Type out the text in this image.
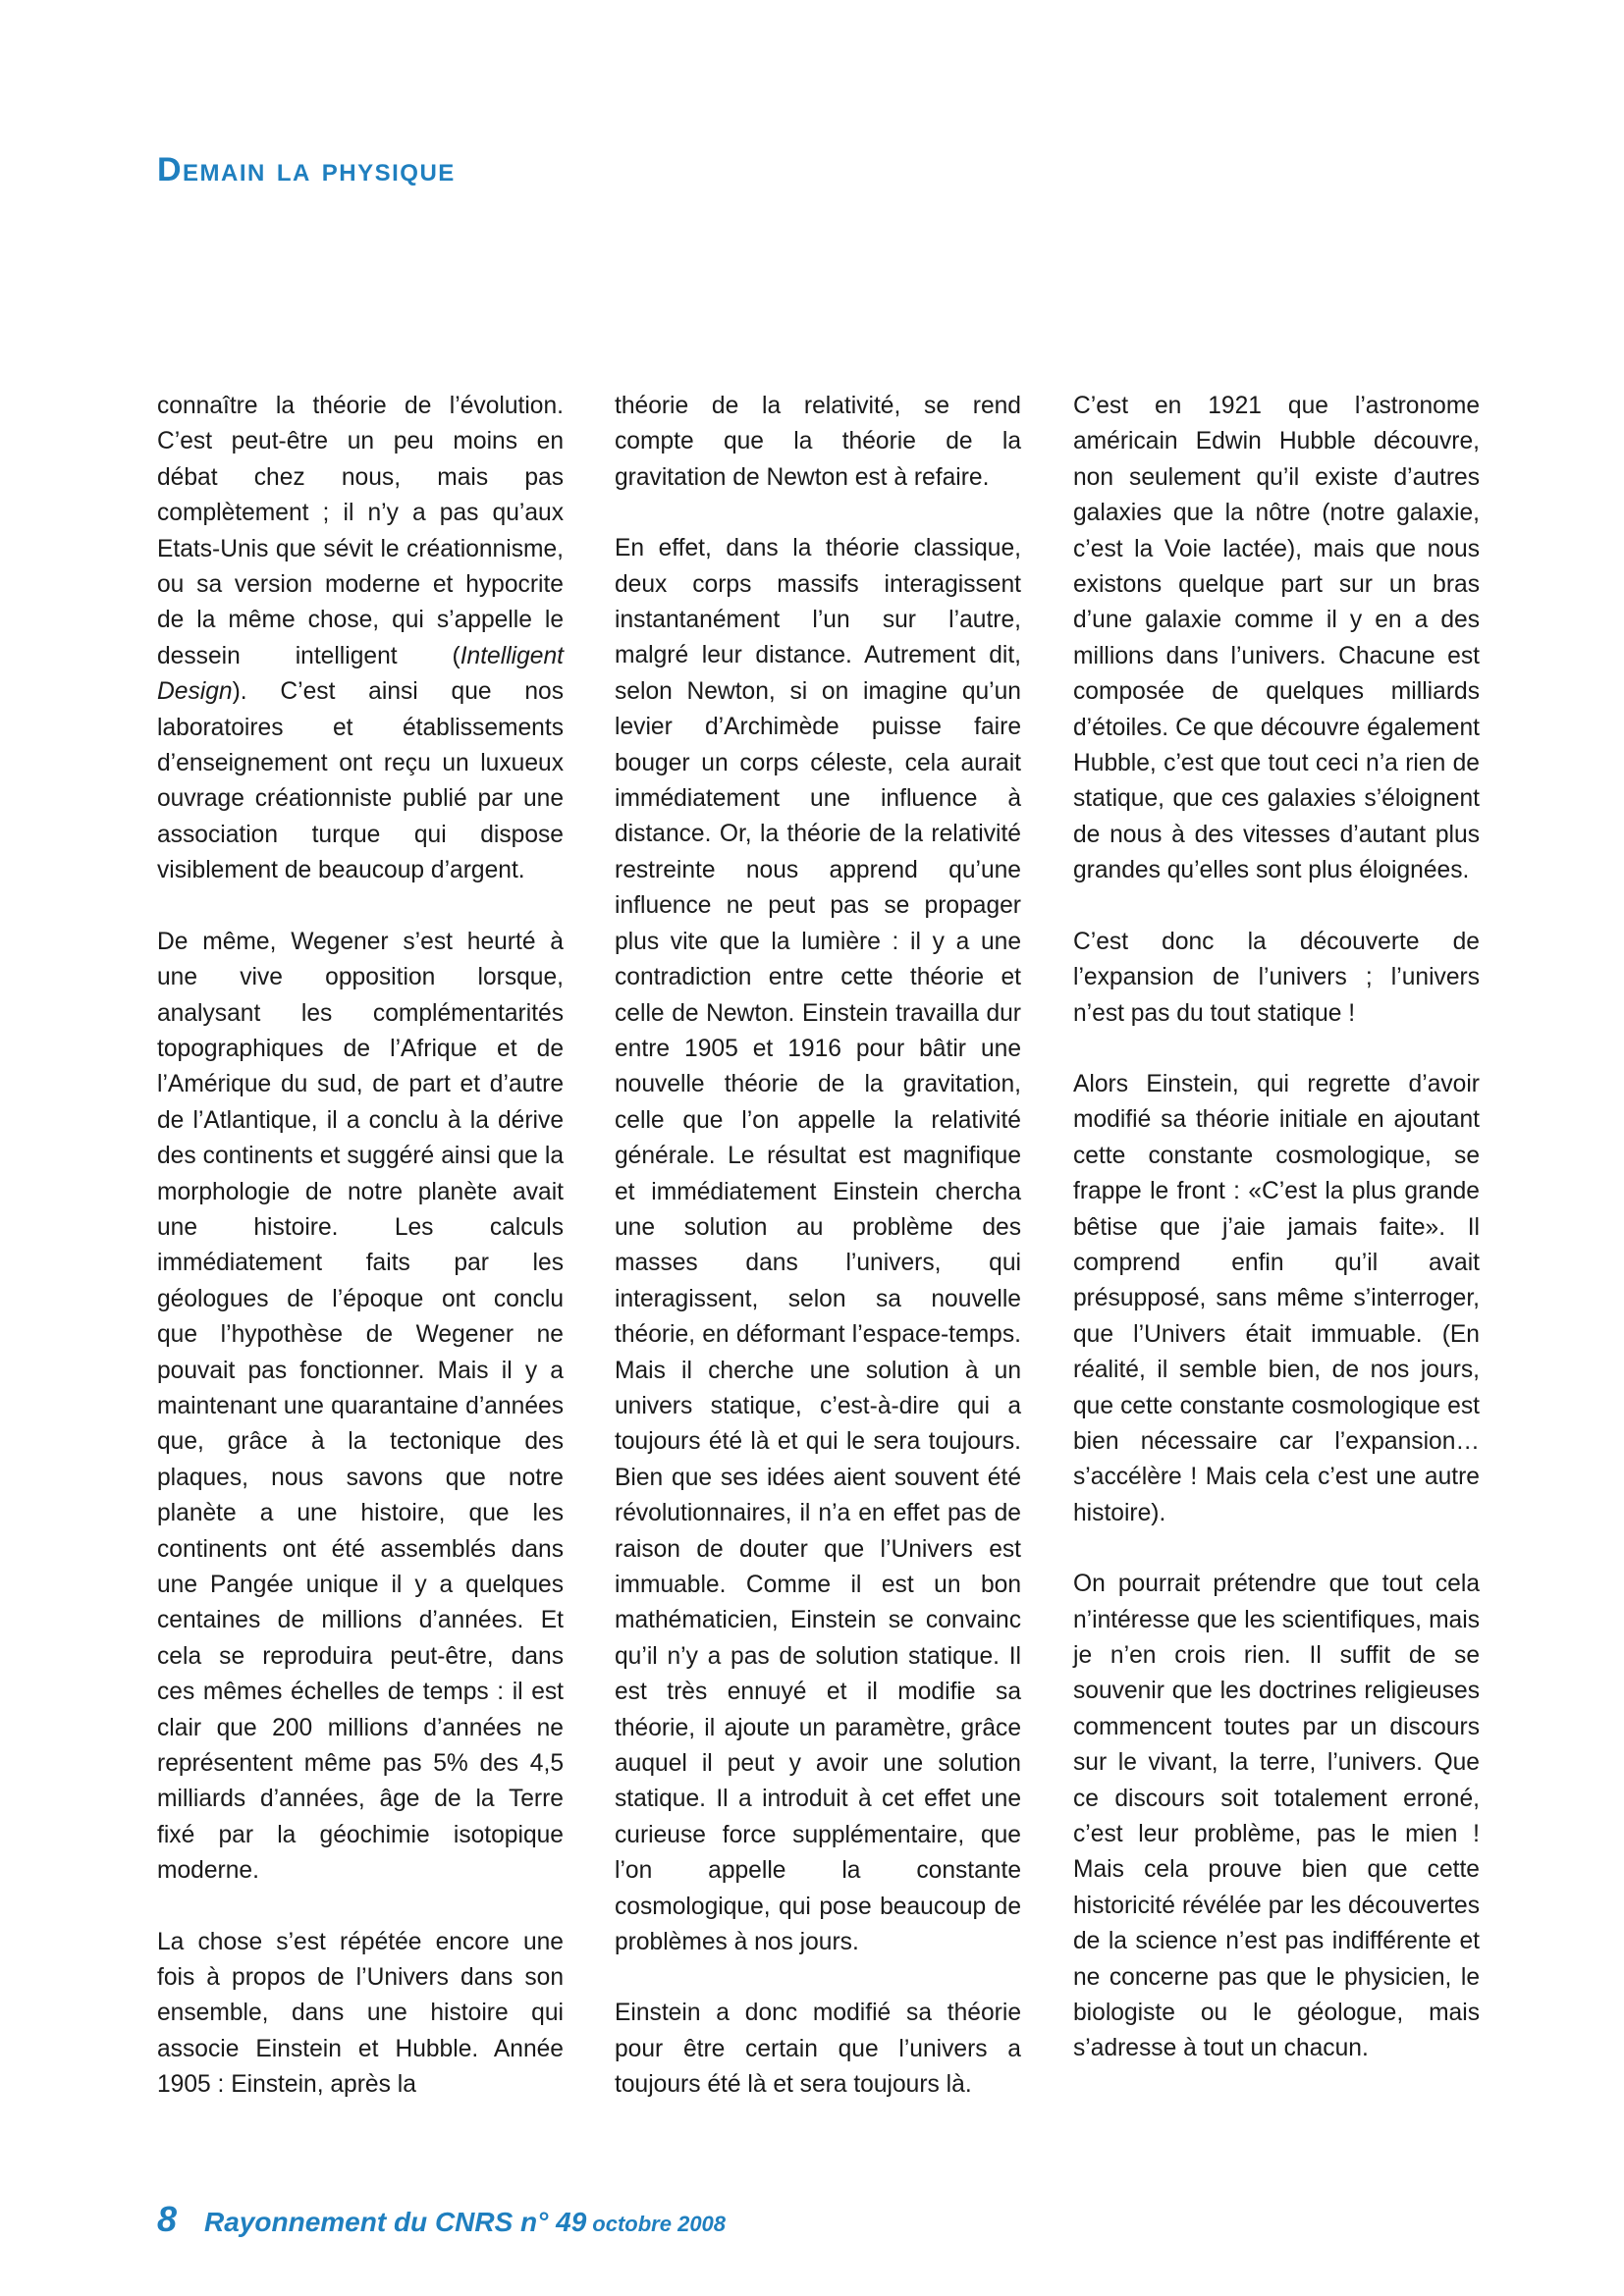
Demain la physique

connaître la théorie de l’évolution. C’est peut-être un peu moins en débat chez nous, mais pas complètement ; il n’y a pas qu’aux Etats-Unis que sévit le créationnisme, ou sa version moderne et hypocrite de la même chose, qui s’appelle le dessein intelligent (Intelligent Design). C’est ainsi que nos laboratoires et établissements d’enseignement ont reçu un luxueux ouvrage créationniste publié par une association turque qui dispose visiblement de beaucoup d’argent.

De même, Wegener s’est heurté à une vive opposition lorsque, analysant les complémentarités topographiques de l’Afrique et de l’Amérique du sud, de part et d’autre de l’Atlantique, il a conclu à la dérive des continents et suggéré ainsi que la morphologie de notre planète avait une histoire. Les calculs immédiatement faits par les géologues de l’époque ont conclu que l’hypothèse de Wegener ne pouvait pas fonctionner. Mais il y a maintenant une quarantaine d’années que, grâce à la tectonique des plaques, nous savons que notre planète a une histoire, que les continents ont été assemblés dans une Pangée unique il y a quelques centaines de millions d’années. Et cela se reproduira peut-être, dans ces mêmes échelles de temps : il est clair que 200 millions d’années ne représentent même pas 5% des 4,5 milliards d’années, âge de la Terre fixé par la géochimie isotopique moderne.

La chose s’est répétée encore une fois à propos de l’Univers dans son ensemble, dans une histoire qui associe Einstein et Hubble. Année 1905 : Einstein, après la

théorie de la relativité, se rend compte que la théorie de la gravitation de Newton est à refaire.

En effet, dans la théorie classique, deux corps massifs interagissent instantanément l’un sur l’autre, malgré leur distance. Autrement dit, selon Newton, si on imagine qu’un levier d’Archimède puisse faire bouger un corps céleste, cela aurait immédiatement une influence à distance. Or, la théorie de la relativité restreinte nous apprend qu’une influence ne peut pas se propager plus vite que la lumière : il y a une contradiction entre cette théorie et celle de Newton. Einstein travailla dur entre 1905 et 1916 pour bâtir une nouvelle théorie de la gravitation, celle que l’on appelle la relativité générale. Le résultat est magnifique et immédiatement Einstein chercha une solution au problème des masses dans l’univers, qui interagissent, selon sa nouvelle théorie, en déformant l’espace-temps. Mais il cherche une solution à un univers statique, c’est-à-dire qui a toujours été là et qui le sera toujours. Bien que ses idées aient souvent été révolutionnaires, il n’a en effet pas de raison de douter que l’Univers est immuable. Comme il est un bon mathématicien, Einstein se convainc qu’il n’y a pas de solution statique. Il est très ennuyé et il modifie sa théorie, il ajoute un paramètre, grâce auquel il peut y avoir une solution statique. Il a introduit à cet effet une curieuse force supplémentaire, que l’on appelle la constante cosmologique, qui pose beaucoup de problèmes à nos jours.

Einstein a donc modifié sa théorie pour être certain que l’univers a toujours été là et sera toujours là.

C’est en 1921 que l’astronome américain Edwin Hubble découvre, non seulement qu’il existe d’autres galaxies que la nôtre (notre galaxie, c’est la Voie lactée), mais que nous existons quelque part sur un bras d’une galaxie comme il y en a des millions dans l’univers. Chacune est composée de quelques milliards d’étoiles. Ce que découvre également Hubble, c’est que tout ceci n’a rien de statique, que ces galaxies s’éloignent de nous à des vitesses d’autant plus grandes qu’elles sont plus éloignées.

C’est donc la découverte de l’expansion de l’univers ; l’univers n’est pas du tout statique !

Alors Einstein, qui regrette d’avoir modifié sa théorie initiale en ajoutant cette constante cosmologique, se frappe le front : «C’est la plus grande bêtise que j’aie jamais faite». Il comprend enfin qu’il avait présupposé, sans même s’interroger, que l’Univers était immuable. (En réalité, il semble bien, de nos jours, que cette constante cosmologique est bien nécessaire car l’expansion… s’accélère ! Mais cela c’est une autre histoire).

On pourrait prétendre que tout cela n’intéresse que les scientifiques, mais je n’en crois rien. Il suffit de se souvenir que les doctrines religieuses commencent toutes par un discours sur le vivant, la terre, l’univers. Que ce discours soit totalement erroné, c’est leur problème, pas le mien ! Mais cela prouve bien que cette historicité révélée par les découvertes de la science n’est pas indifférente et ne concerne pas que le physicien, le biologiste ou le géologue, mais s’adresse à tout un chacun.

8 Rayonnement du CNRS n° 49 octobre 2008
